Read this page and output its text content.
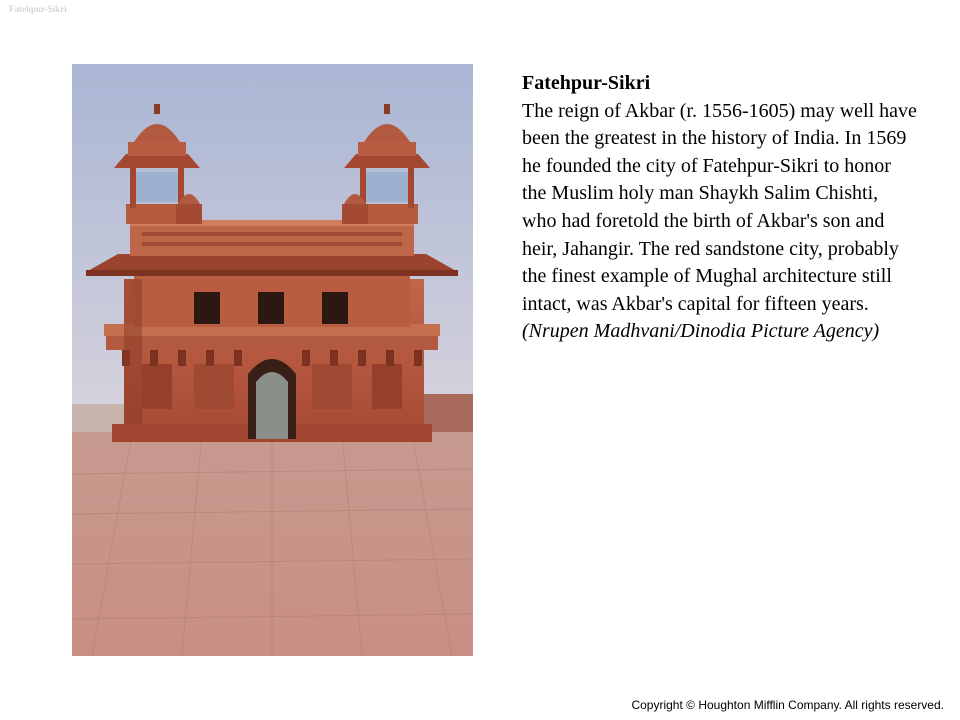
Fatehpur-Sikri
Fatehpur-Sikri
The reign of Akbar (r. 1556-1605) may well have been the greatest in the history of India. In 1569 he founded the city of Fatehpur-Sikri to honor the Muslim holy man Shaykh Salim Chishti, who had foretold the birth of Akbar's son and heir, Jahangir. The red sandstone city, probably the finest example of Mughal architecture still intact, was Akbar's capital for fifteen years. (Nrupen Madhvani/Dinodia Picture Agency)
Copyright © Houghton Mifflin Company. All rights reserved.
